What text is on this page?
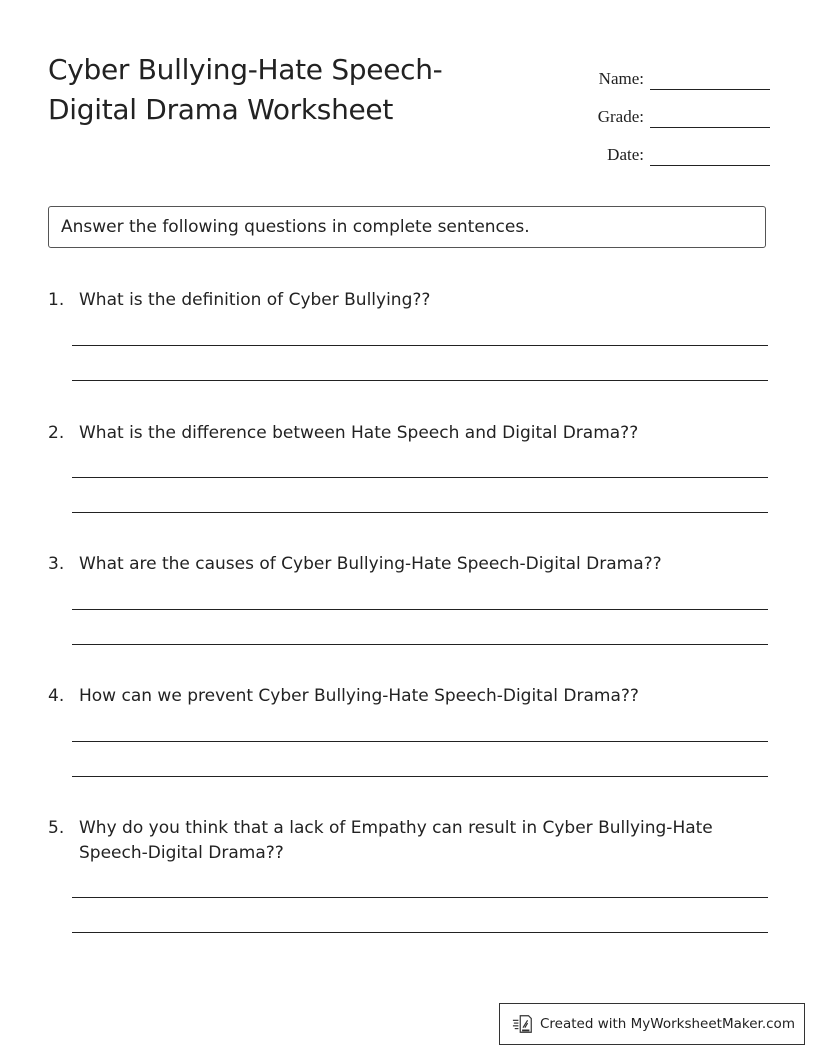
Cyber Bullying-Hate Speech-Digital Drama Worksheet
Name:
Grade:
Date:
Answer the following questions in complete sentences.
1. What is the definition of Cyber Bullying??
2. What is the difference between Hate Speech and Digital Drama??
3. What are the causes of Cyber Bullying-Hate Speech-Digital Drama??
4. How can we prevent Cyber Bullying-Hate Speech-Digital Drama??
5. Why do you think that a lack of Empathy can result in Cyber Bullying-Hate Speech-Digital Drama??
Created with MyWorksheetMaker.com
